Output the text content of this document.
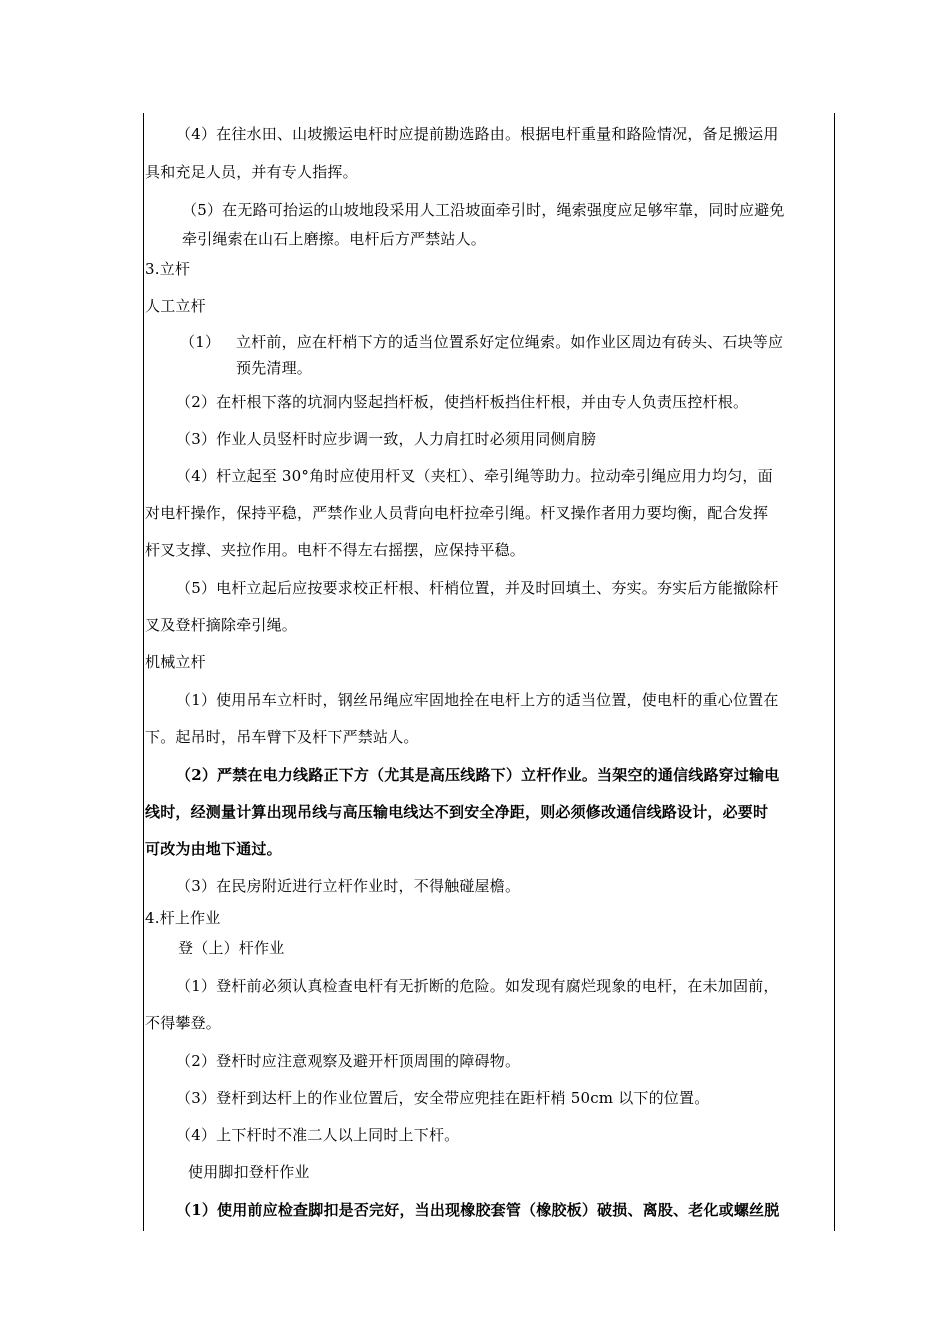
（4）在往水田、山坡搬运电杆时应提前勘选路由。根据电杆重量和路险情况，备足搬运用
具和充足人员，并有专人指挥。
（5）在无路可抬运的山坡地段采用人工沿坡面牵引时，绳索强度应足够牢靠，同时应避免
牵引绳索在山石上磨擦。电杆后方严禁站人。
3.立杆
人工立杆
（1） 立杆前，应在杆梢下方的适当位置系好定位绳索。如作业区周边有砖头、石块等应
预先清理。
（2）在杆根下落的坑洞内竖起挡杆板，使挡杆板挡住杆根，并由专人负责压控杆根。
（3）作业人员竖杆时应步调一致，人力肩扛时必须用同侧肩膀
（4）杆立起至 30°角时应使用杆叉（夹杠）、牵引绳等助力。拉动牵引绳应用力均匀，面
对电杆操作，保持平稳，严禁作业人员背向电杆拉牵引绳。杆叉操作者用力要均衡，配合发挥
杆叉支撑、夹拉作用。电杆不得左右摇摆，应保持平稳。
（5）电杆立起后应按要求校正杆根、杆梢位置，并及时回填土、夯实。夯实后方能撤除杆
叉及登杆摘除牵引绳。
机械立杆
（1）使用吊车立杆时，钢丝吊绳应牢固地拴在电杆上方的适当位置，使电杆的重心位置在
下。起吊时，吊车臂下及杆下严禁站人。
（2）严禁在电力线路正下方（尤其是高压线路下）立杆作业。当架空的通信线路穿过输电
线时，经测量计算出现吊线与高压输电线达不到安全净距，则必须修改通信线路设计，必要时
可改为由地下通过。
（3）在民房附近进行立杆作业时，不得触碰屋檐。
4.杆上作业
登（上）杆作业
（1）登杆前必须认真检查电杆有无折断的危险。如发现有腐烂现象的电杆，在未加固前，
不得攀登。
（2）登杆时应注意观察及避开杆顶周围的障碍物。
（3）登杆到达杆上的作业位置后，安全带应兜挂在距杆梢 50cm 以下的位置。
（4）上下杆时不准二人以上同时上下杆。
使用脚扣登杆作业
（1）使用前应检查脚扣是否完好，当出现橡胶套管（橡胶板）破损、离股、老化或螺丝脱
